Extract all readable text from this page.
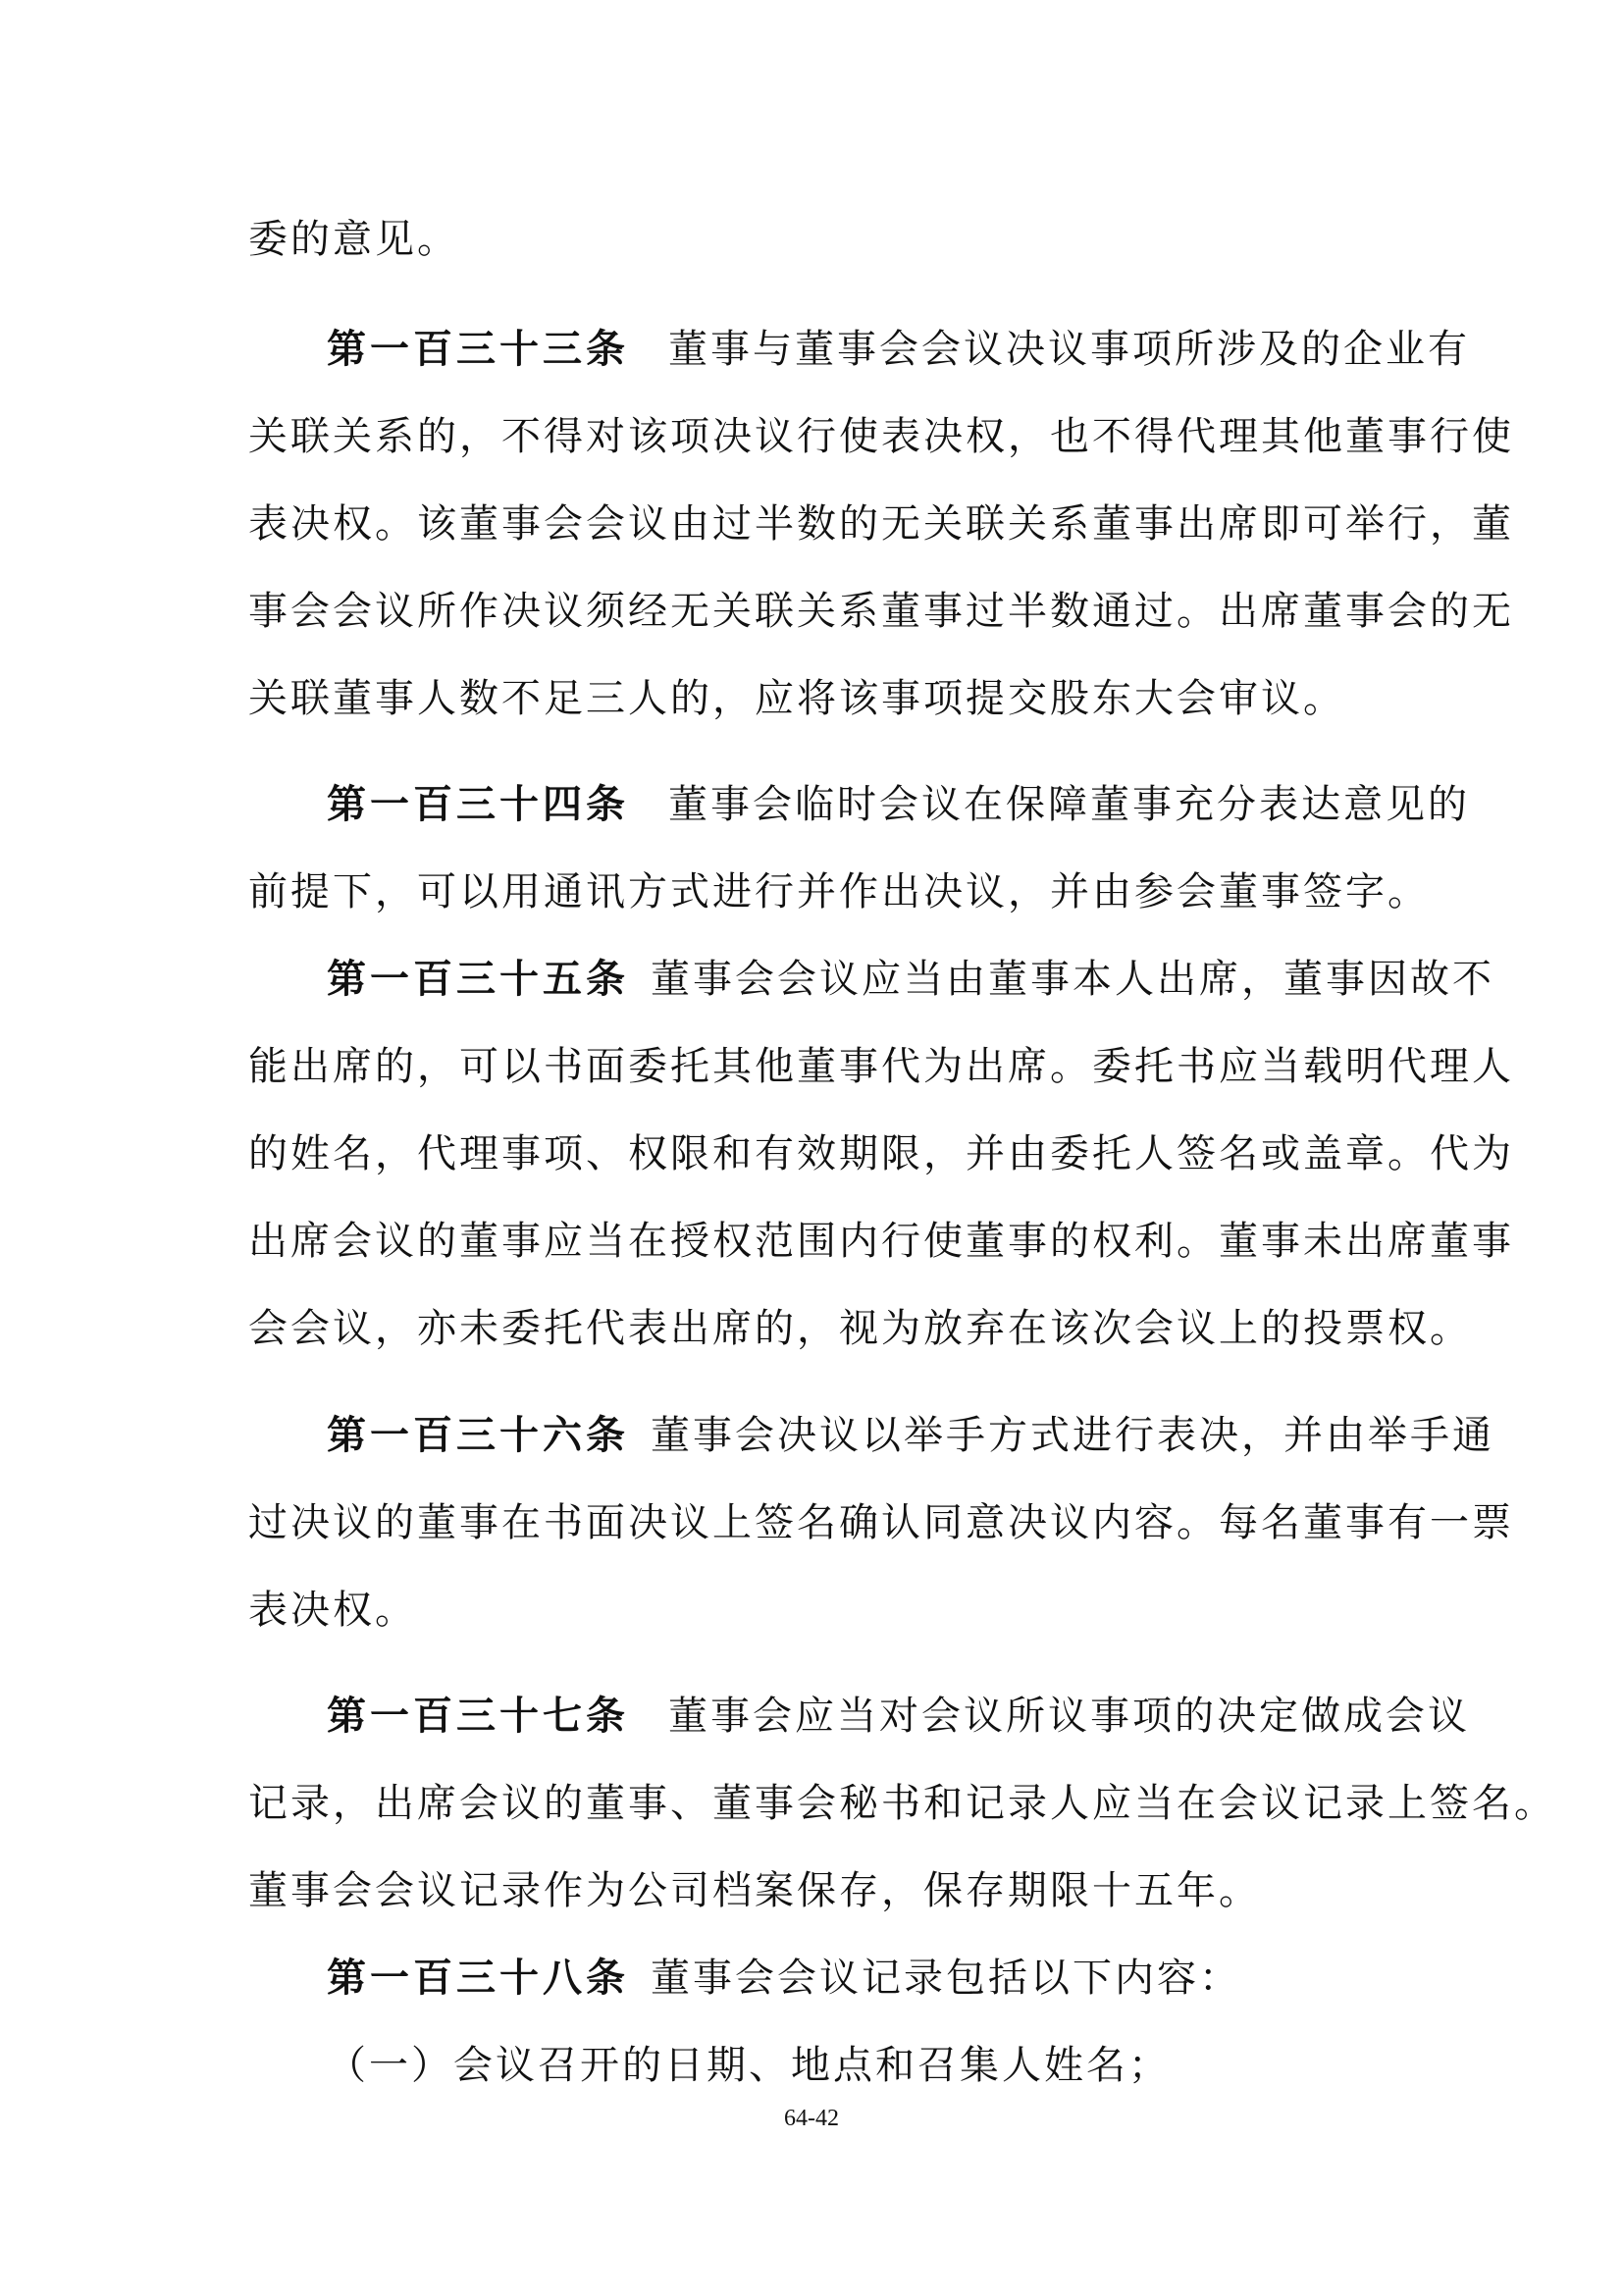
委的意见。

第一百三十三条 董事与董事会会议决议事项所涉及的企业有

关联关系的，不得对该项决议行使表决权，也不得代理其他董事行使

表决权。该董事会会议由过半数的无关联关系董事出席即可举行，董

事会会议所作决议须经无关联关系董事过半数通过。出席董事会的无

关联董事人数不足三人的，应将该事项提交股东大会审议。

第一百三十四条 董事会临时会议在保障董事充分表达意见的

前提下，可以用通讯方式进行并作出决议，并由参会董事签字。

第一百三十五条 董事会会议应当由董事本人出席，董事因故不

能出席的，可以书面委托其他董事代为出席。委托书应当载明代理人

的姓名，代理事项、权限和有效期限，并由委托人签名或盖章。代为

出席会议的董事应当在授权范围内行使董事的权利。董事未出席董事

会会议，亦未委托代表出席的，视为放弃在该次会议上的投票权。

第一百三十六条 董事会决议以举手方式进行表决，并由举手通

过决议的董事在书面决议上签名确认同意决议内容。每名董事有一票

表决权。

第一百三十七条 董事会应当对会议所议事项的决定做成会议

记录，出席会议的董事、董事会秘书和记录人应当在会议记录上签名。

董事会会议记录作为公司档案保存，保存期限十五年。

第一百三十八条 董事会会议记录包括以下内容：

（一）会议召开的日期、地点和召集人姓名；

64-42
